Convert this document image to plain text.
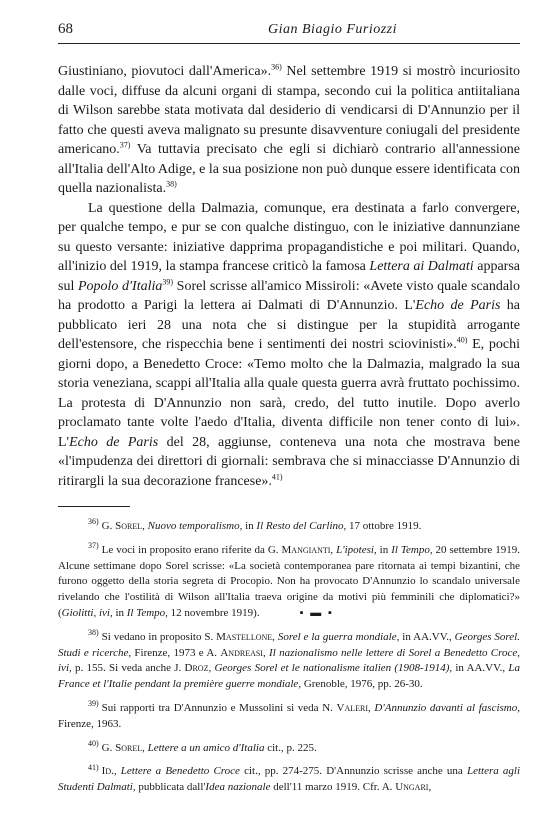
68	Gian Biagio Furiozzi

Giustiniano, piovutoci dall'America».$^{36)}$ Nel settembre 1919 si mostrò incuriosito dalle voci, diffuse da alcuni organi di stampa, secondo cui la politica antiitaliana di Wilson sarebbe stata motivata dal desiderio di vendicarsi di D'Annunzio per il fatto che questi aveva malignato su presunte disavventure coniugali del presidente americano.$^{37)}$ Va tuttavia precisato che egli si dichiarò contrario all'annessione all'Italia dell'Alto Adige, e la sua posizione non può dunque essere identificata con quella nazionalista.$^{38)}$

La questione della Dalmazia, comunque, era destinata a farlo convergere, per qualche tempo, e pur se con qualche distinguo, con le iniziative dannunziane su questo versante: iniziative dapprima propagandistiche e poi militari. Quando, all'inizio del 1919, la stampa francese criticò la famosa Lettera ai Dalmati apparsa sul Popolo d'Italia$^{39)}$ Sorel scrisse all'amico Missiroli: «Avete visto quale scandalo ha prodotto a Parigi la lettera ai Dalmati di D'Annunzio. L'Echo de Paris ha pubblicato ieri 28 una nota che si distingue per la stupidità arrogante dell'estensore, che rispecchia bene i sentimenti dei nostri sciovinisti».$^{40)}$ E, pochi giorni dopo, a Benedetto Croce: «Temo molto che la Dalmazia, malgrado la sua storia veneziana, scappi all'Italia alla quale questa guerra avrà fruttato pochissimo. La protesta di D'Annunzio non sarà, credo, del tutto inutile. Dopo averlo proclamato tante volte l'aedo d'Italia, diventa difficile non tener conto di lui». L'Echo de Paris del 28, aggiunse, conteneva una nota che mostrava bene «l'impudenza dei direttori di giornali: sembrava che si minacciasse D'Annunzio di ritirargli la sua decorazione francese».$^{41)}$

$^{36)}$ G. Sorel, Nuovo temporalismo, in Il Resto del Carlino, 17 ottobre 1919.

$^{37)}$ Le voci in proposito erano riferite da G. Mangianti, L'ipotesi, in Il Tempo, 20 settembre 1919. Alcune settimane dopo Sorel scrisse: «La società contemporanea pare ritornata ai tempi bizantini, che furono oggetto della storia segreta di Procopio. Non ha provocato D'Annunzio lo scandalo universale rivelando che l'ostilità di Wilson all'Italia traeva origine da motivi più femminili che diplomatici?» (Giolitti, ivi, in Il Tempo, 12 novembre 1919).	▪ ▬ ▪

$^{38)}$ Si vedano in proposito S. Mastellone, Sorel e la guerra mondiale, in AA.VV., Georges Sorel. Studi e ricerche, Firenze, 1973 e A. Andreasi, Il nazionalismo nelle lettere di Sorel a Benedetto Croce, ivi, p. 155. Si veda anche J. Droz, Georges Sorel et le nationalisme italien (1908-1914), in AA.VV., La France et l'Italie pendant la première guerre mondiale, Grenoble, 1976, pp. 26-30.

$^{39)}$ Sui rapporti tra D'Annunzio e Mussolini si veda N. Valeri, D'Annunzio davanti al fascismo, Firenze, 1963.

$^{40)}$ G. Sorel, Lettere a un amico d'Italia cit., p. 225.

$^{41)}$ Id., Lettere a Benedetto Croce cit., pp. 274-275. D'Annunzio scrisse anche una Lettera agli Studenti Dalmati, pubblicata dall'Idea nazionale dell'11 marzo 1919. Cfr. A. Ungari,
